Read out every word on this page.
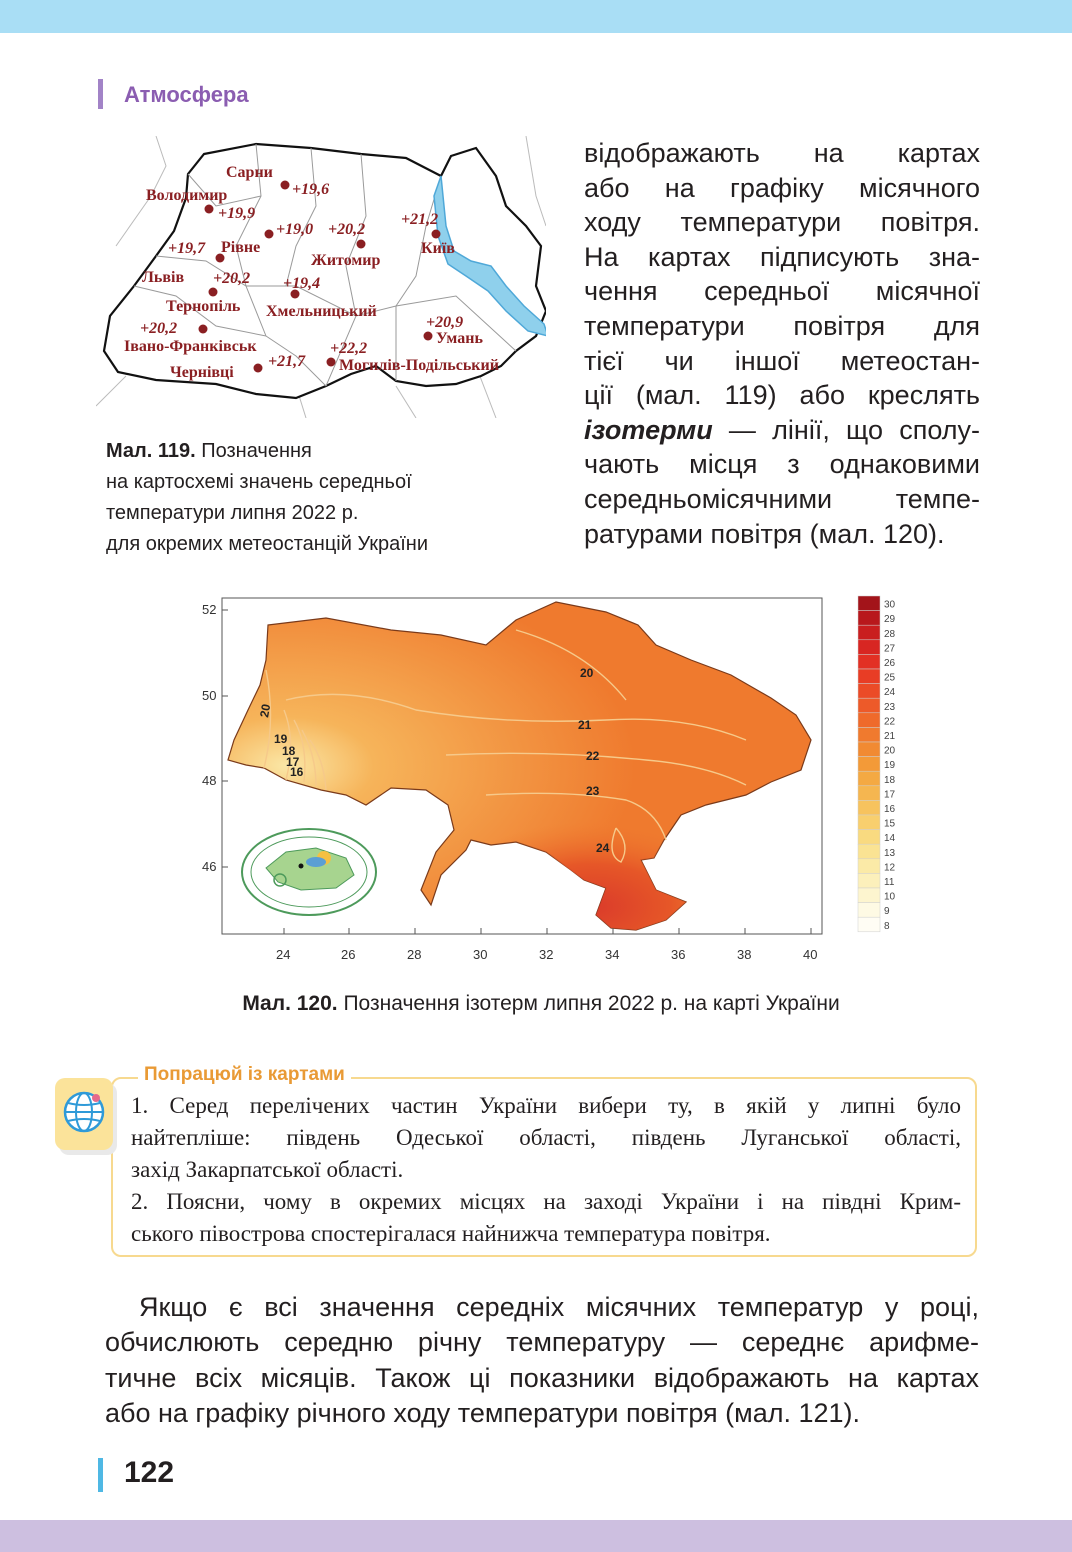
Атмосфера
Сарни
+19,6
Володимир
+19,9
Рівне
+19,0
Житомир
+20,2
Київ
+21,2
Львів
+19,7
Тернопіль
+20,2
Хмельницький
+19,4
Івано-Франківськ
+20,2
Чернівці
+21,7 Могилів-Подільський
+22,2
Умань
+20,9
Мал. 119. Позначення
на картосхемі значень середньої
температури липня 2022 р.
для окремих метеостанцій України
відображають на картах
або на графіку місячного
ходу температури повітря.
На картах підписують зна-
чення середньої місячної
температури повітря для
тієї чи іншої метеостан-
ції (мал. 119) або креслять
ізотерми — лінії, що сполу-
чають місця з однаковими
середньомісячними темпе-
ратурами повітря (мал. 120).
20
21
22
23
24
20
19
18
17
16
52
50
48
46
24	26	28	30	32	34	36	38	40
30
29
28
27
26
25
24
23
22
21
20
19
18
17
16
15
14
13
12
11
10
9
8
Мал. 120. Позначення ізотерм липня 2022 р. на карті України
Попрацюй із картами
1. Серед перелічених частин України вибери ту, в якій у липні було
найтепліше: південь Одеської області, південь Луганської області,
захід Закарпатської області.
2. Поясни, чому в окремих місцях на заході України і на півдні Крим-
ського півострова спостерігалася найнижча температура повітря.
Якщо є всі значення середніх місячних температур у році,
обчислюють середню річну температуру — середнє арифме-
тичне всіх місяців. Також ці показники відображають на картах
або на графіку річного ходу температури повітря (мал. 121).
122
